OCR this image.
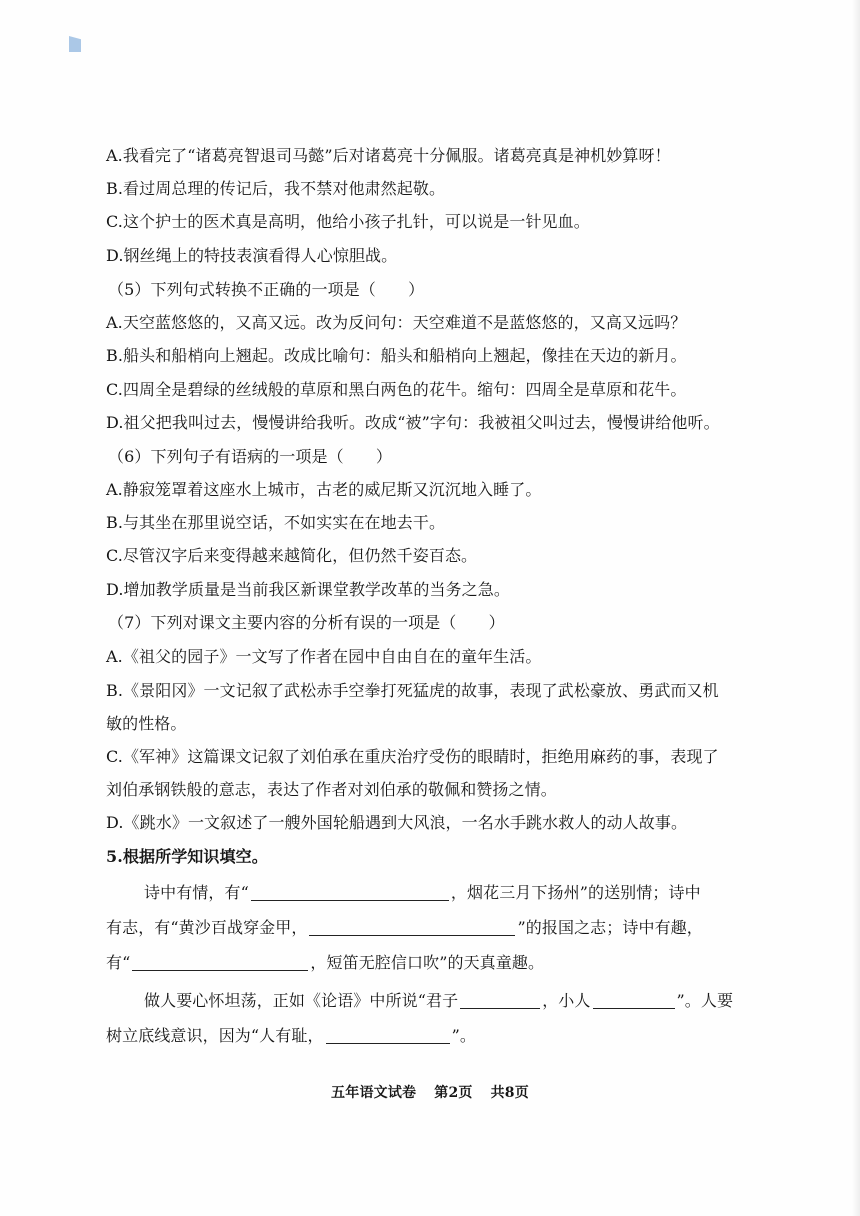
A.我看完了“诸葛亮智退司马懿”后对诸葛亮十分佩服。诸葛亮真是神机妙算呀！
B.看过周总理的传记后，我不禁对他肃然起敬。
C.这个护士的医术真是高明，他给小孩子扎针，可以说是一针见血。
D.钢丝绳上的特技表演看得人心惊胆战。
（5）下列句式转换不正确的一项是（　　）
A.天空蓝悠悠的，又高又远。改为反问句：天空难道不是蓝悠悠的，又高又远吗？
B.船头和船梢向上翘起。改成比喻句：船头和船梢向上翘起，像挂在天边的新月。
C.四周全是碧绿的丝绒般的草原和黑白两色的花牛。缩句：四周全是草原和花牛。
D.祖父把我叫过去，慢慢讲给我听。改成“被”字句：我被祖父叫过去，慢慢讲给他听。
（6）下列句子有语病的一项是（　　）
A.静寂笼罩着这座水上城市，古老的威尼斯又沉沉地入睡了。
B.与其坐在那里说空话，不如实实在在地去干。
C.尽管汉字后来变得越来越简化，但仍然千姿百态。
D.增加教学质量是当前我区新课堂教学改革的当务之急。
（7）下列对课文主要内容的分析有误的一项是（　　）
A.《祖父的园子》一文写了作者在园中自由自在的童年生活。
B.《景阳冈》一文记叙了武松赤手空拳打死猛虎的故事，表现了武松豪放、勇武而又机
敏的性格。
C.《军神》这篇课文记叙了刘伯承在重庆治疗受伤的眼睛时，拒绝用麻药的事，表现了
刘伯承钢铁般的意志，表达了作者对刘伯承的敬佩和赞扬之情。
D.《跳水》一文叙述了一艘外国轮船遇到大风浪，一名水手跳水救人的动人故事。
5.根据所学知识填空。
诗中有情，有“	，烟花三月下扬州”的送别情；诗中
有志，有“黄沙百战穿金甲，	”的报国之志；诗中有趣，
有“	，短笛无腔信口吹”的天真童趣。
做人要心怀坦荡，正如《论语》中所说“君子	，小人	”。人要
树立底线意识，因为“人有耻，	”。
五年语文试卷 第2页 共8页
